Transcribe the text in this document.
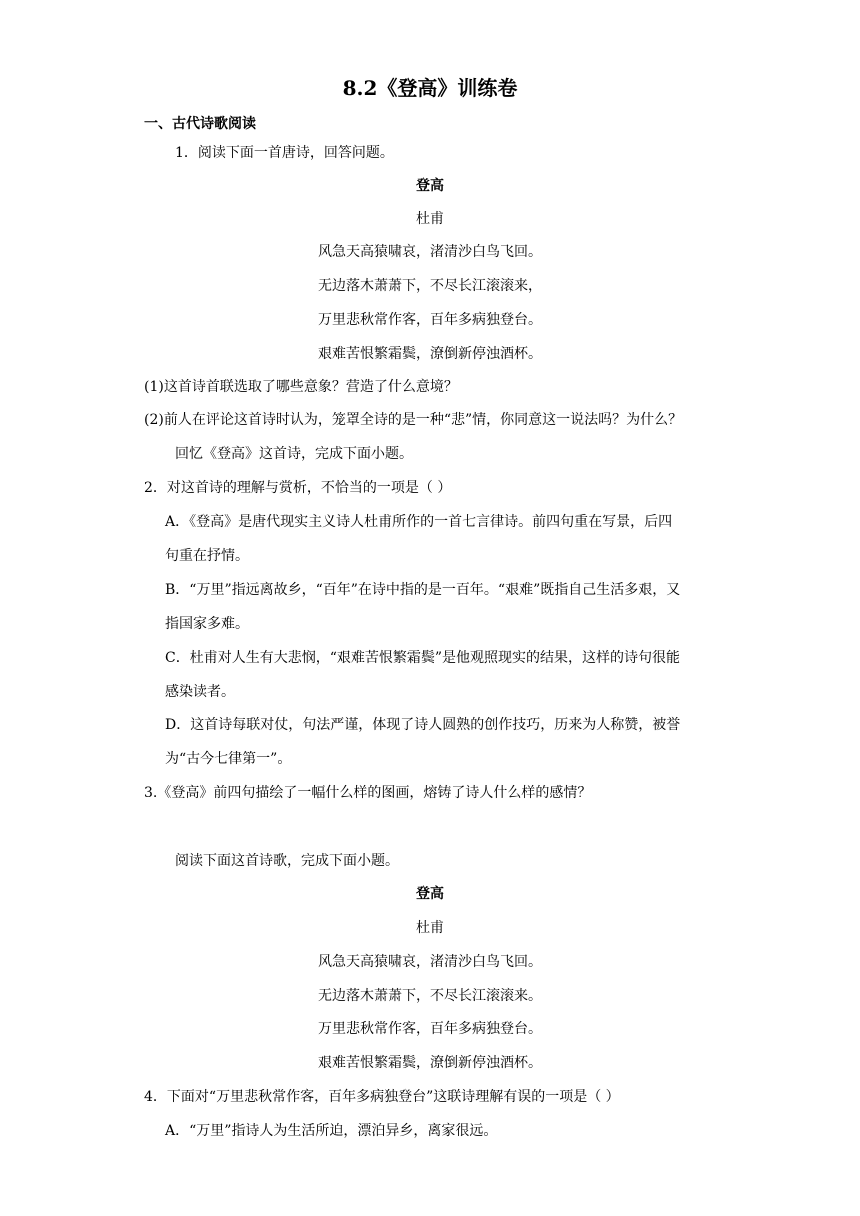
8.2《登高》训练卷
一、古代诗歌阅读
1．阅读下面一首唐诗，回答问题。
登高
杜甫
风急天高猿啸哀，渚清沙白鸟飞回。
无边落木萧萧下，不尽长江滚滚来，
万里悲秋常作客，百年多病独登台。
艰难苦恨繁霜鬓，潦倒新停浊酒杯。
(1)这首诗首联选取了哪些意象？营造了什么意境？
(2)前人在评论这首诗时认为，笼罩全诗的是一种“悲”情，你同意这一说法吗？为什么？
回忆《登高》这首诗，完成下面小题。
2．对这首诗的理解与赏析，不恰当的一项是（ ）
A．《登高》是唐代现实主义诗人杜甫所作的一首七言律诗。前四句重在写景，后四
句重在抒情。
B．“万里”指远离故乡，“百年”在诗中指的是一百年。“艰难”既指自己生活多艰，又
指国家多难。
C．杜甫对人生有大悲悯，“艰难苦恨繁霜鬓”是他观照现实的结果，这样的诗句很能
感染读者。
D．这首诗每联对仗，句法严谨，体现了诗人圆熟的创作技巧，历来为人称赞，被誉
为“古今七律第一”。
3.《登高》前四句描绘了一幅什么样的图画，熔铸了诗人什么样的感情？
阅读下面这首诗歌，完成下面小题。
登高
杜甫
风急天高猿啸哀，渚清沙白鸟飞回。
无边落木萧萧下，不尽长江滚滚来。
万里悲秋常作客，百年多病独登台。
艰难苦恨繁霜鬓，潦倒新停浊酒杯。
4．下面对“万里悲秋常作客，百年多病独登台”这联诗理解有误的一项是（ ）
A．“万里”指诗人为生活所迫，漂泊异乡，离家很远。
